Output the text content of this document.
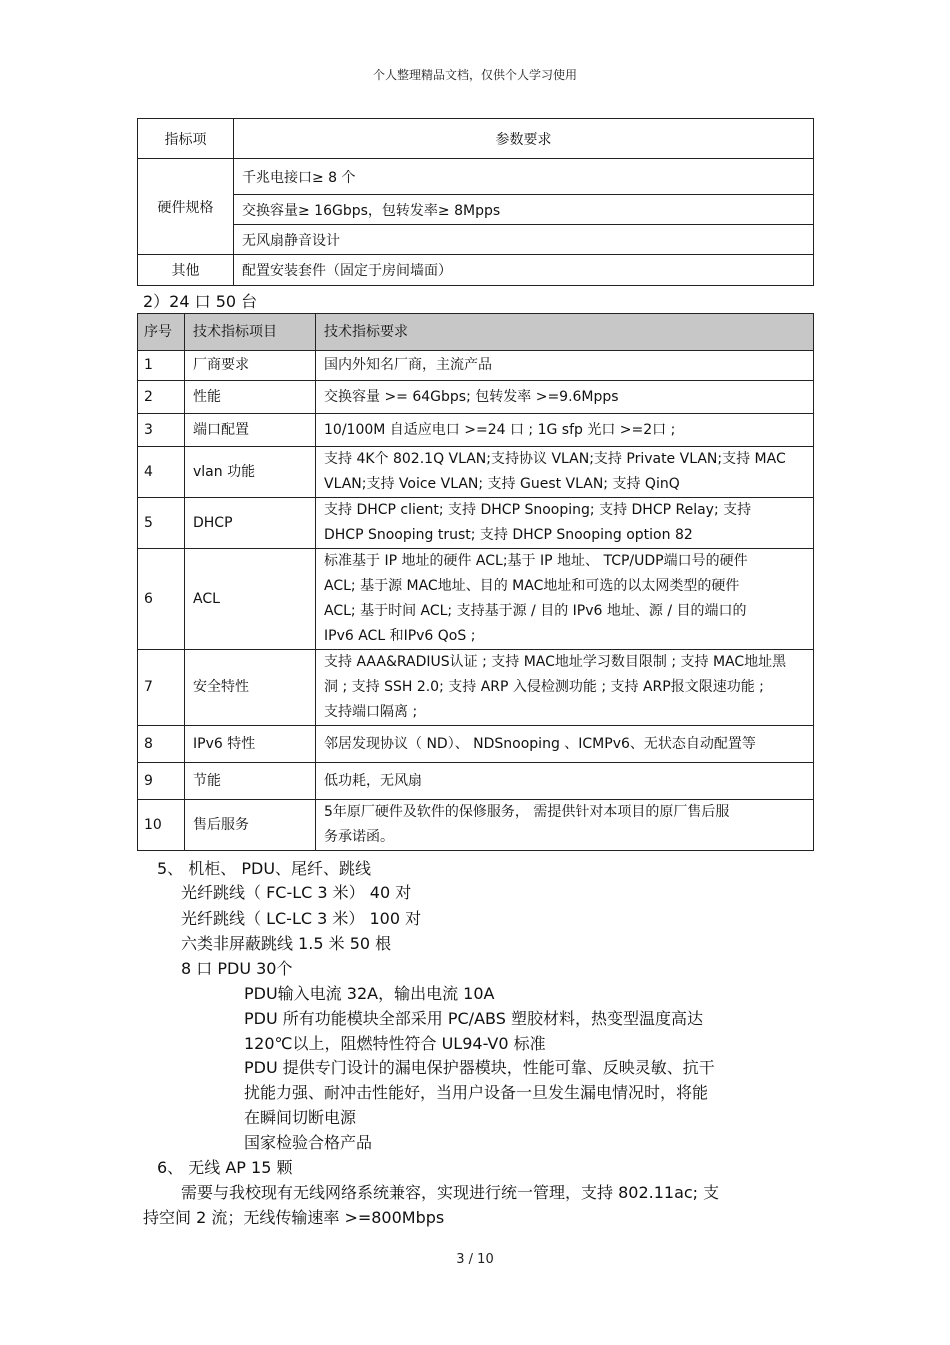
个人整理精品文档，仅供个人学习使用
指标项	参数要求
硬件规格	千兆电接口≥ 8 个
	交换容量≥ 16Gbps，包转发率≥ 8Mpps
	无风扇静音设计
其他	配置安装套件（固定于房间墙面）
2）24 口 50 台
序号	技术指标项目	技术指标要求
1	厂商要求	国内外知名厂商，主流产品

2	性能	交换容量 >= 64Gbps; 包转发率 >=9.6Mpps

3	端口配置	10/100M 自适应电口 >=24 口 ; 1G sfp 光口 >=2口 ;

4	vlan 功能	支持 4K个 802.1Q VLAN;支持协议 VLAN;支持 Private VLAN;支持 MAC
VLAN;支持 Voice VLAN; 支持 Guest VLAN; 支持 QinQ

5	DHCP	支持 DHCP client; 支持 DHCP Snooping; 支持 DHCP Relay; 支持
DHCP Snooping trust; 支持 DHCP Snooping option 82

6	ACL	标准基于 IP 地址的硬件 ACL;基于 IP 地址、 TCP/UDP端口号的硬件
ACL; 基于源 MAC地址、目的 MAC地址和可选的以太网类型的硬件
ACL; 基于时间 ACL; 支持基于源 / 目的 IPv6 地址、源 / 目的端口的
IPv6 ACL 和IPv6 QoS ;

7	安全特性	支持 AAA&RADIUS认证 ; 支持 MAC地址学习数目限制 ; 支持 MAC地址黑
洞 ; 支持 SSH 2.0; 支持 ARP 入侵检测功能 ; 支持 ARP报文限速功能 ;
支持端口隔离 ;

8	IPv6 特性	邻居发现协议（ ND）、 NDSnooping 、ICMPv6、无状态自动配置等

9	节能	低功耗，无风扇

10	售后服务	5年原厂硬件及软件的保修服务， 需提供针对本项目的原厂售后服
务承诺函。
5、 机柜、 PDU、尾纤、跳线
光纤跳线（ FC-LC 3 米） 40 对
光纤跳线（ LC-LC 3 米） 100 对
六类非屏蔽跳线 1.5 米 50 根
8 口 PDU 30个
PDU输入电流 32A，输出电流 10A
PDU 所有功能模块全部采用 PC/ABS 塑胶材料，热变型温度高达
120℃以上，阻燃特性符合 UL94-V0 标准
PDU 提供专门设计的漏电保护器模块，性能可靠、反映灵敏、抗干
扰能力强、耐冲击性能好，当用户设备一旦发生漏电情况时，将能
在瞬间切断电源
国家检验合格产品
6、 无线 AP 15 颗
需要与我校现有无线网络系统兼容，实现进行统一管理，支持 802.11ac; 支
持空间 2 流；无线传输速率 >=800Mbps
3 / 10
